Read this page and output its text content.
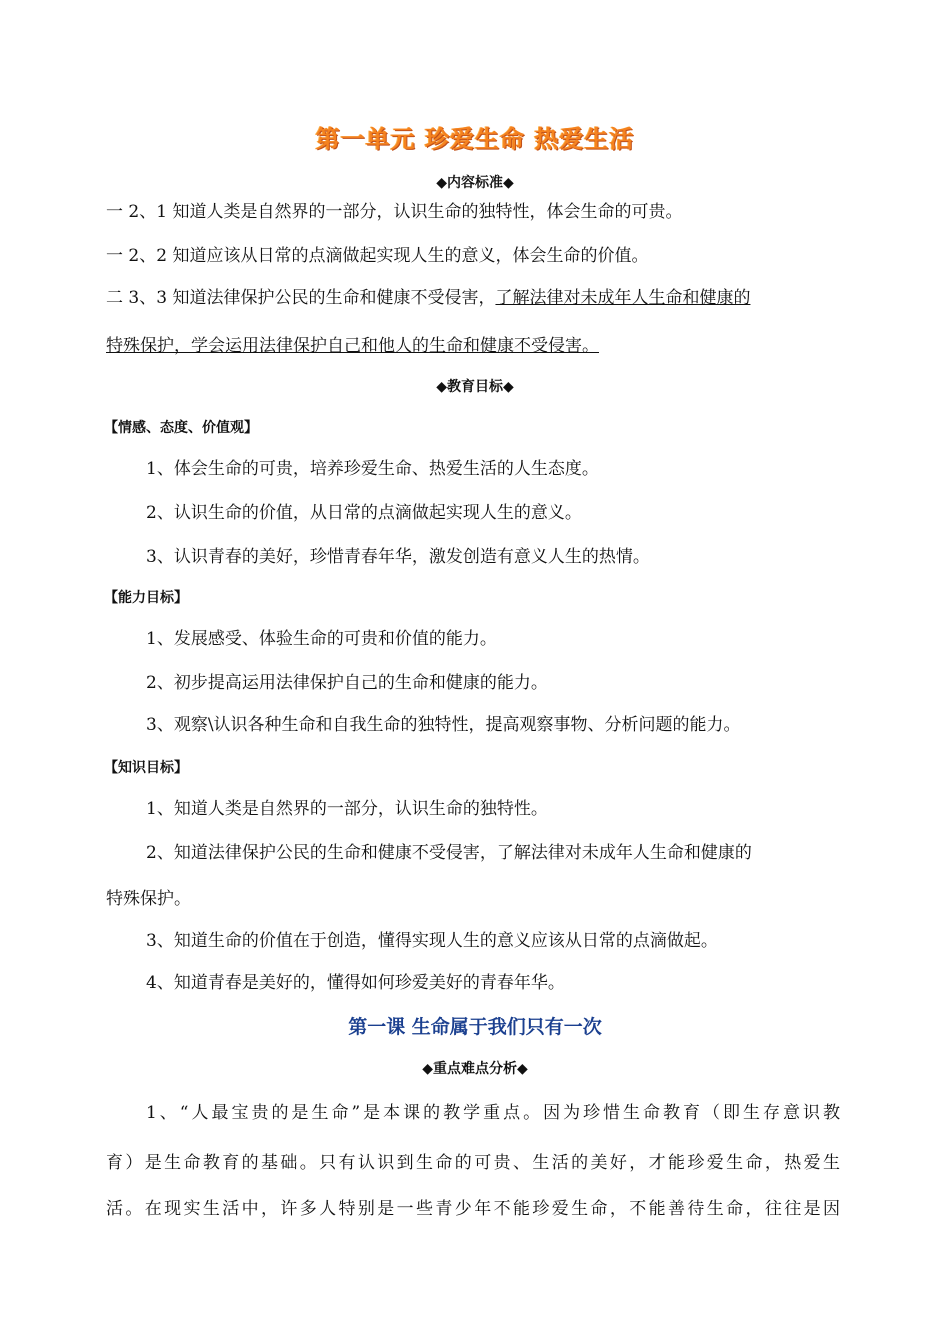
第一单元 珍爱生命 热爱生活
◆内容标准◆
一 2、1 知道人类是自然界的一部分，认识生命的独特性，体会生命的可贵。
一 2、2 知道应该从日常的点滴做起实现人生的意义，体会生命的价值。
二 3、3 知道法律保护公民的生命和健康不受侵害，了解法律对未成年人生命和健康的
特殊保护，学会运用法律保护自己和他人的生命和健康不受侵害。
◆教育目标◆
【情感、态度、价值观】
1、体会生命的可贵，培养珍爱生命、热爱生活的人生态度。
2、认识生命的价值，从日常的点滴做起实现人生的意义。
3、认识青春的美好，珍惜青春年华，激发创造有意义人生的热情。
【能力目标】
1、发展感受、体验生命的可贵和价值的能力。
2、初步提高运用法律保护自己的生命和健康的能力。
3、观察\认识各种生命和自我生命的独特性，提高观察事物、分析问题的能力。
【知识目标】
1、知道人类是自然界的一部分，认识生命的独特性。
2、知道法律保护公民的生命和健康不受侵害，了解法律对未成年人生命和健康的
特殊保护。
3、知道生命的价值在于创造，懂得实现人生的意义应该从日常的点滴做起。
4、知道青春是美好的，懂得如何珍爱美好的青春年华。
第一课 生命属于我们只有一次
◆重点难点分析◆
1、“人最宝贵的是生命”是本课的教学重点。因为珍惜生命教育（即生存意识教
育）是生命教育的基础。只有认识到生命的可贵、生活的美好，才能珍爱生命，热爱生
活。在现实生活中，许多人特别是一些青少年不能珍爱生命，不能善待生命，往往是因
